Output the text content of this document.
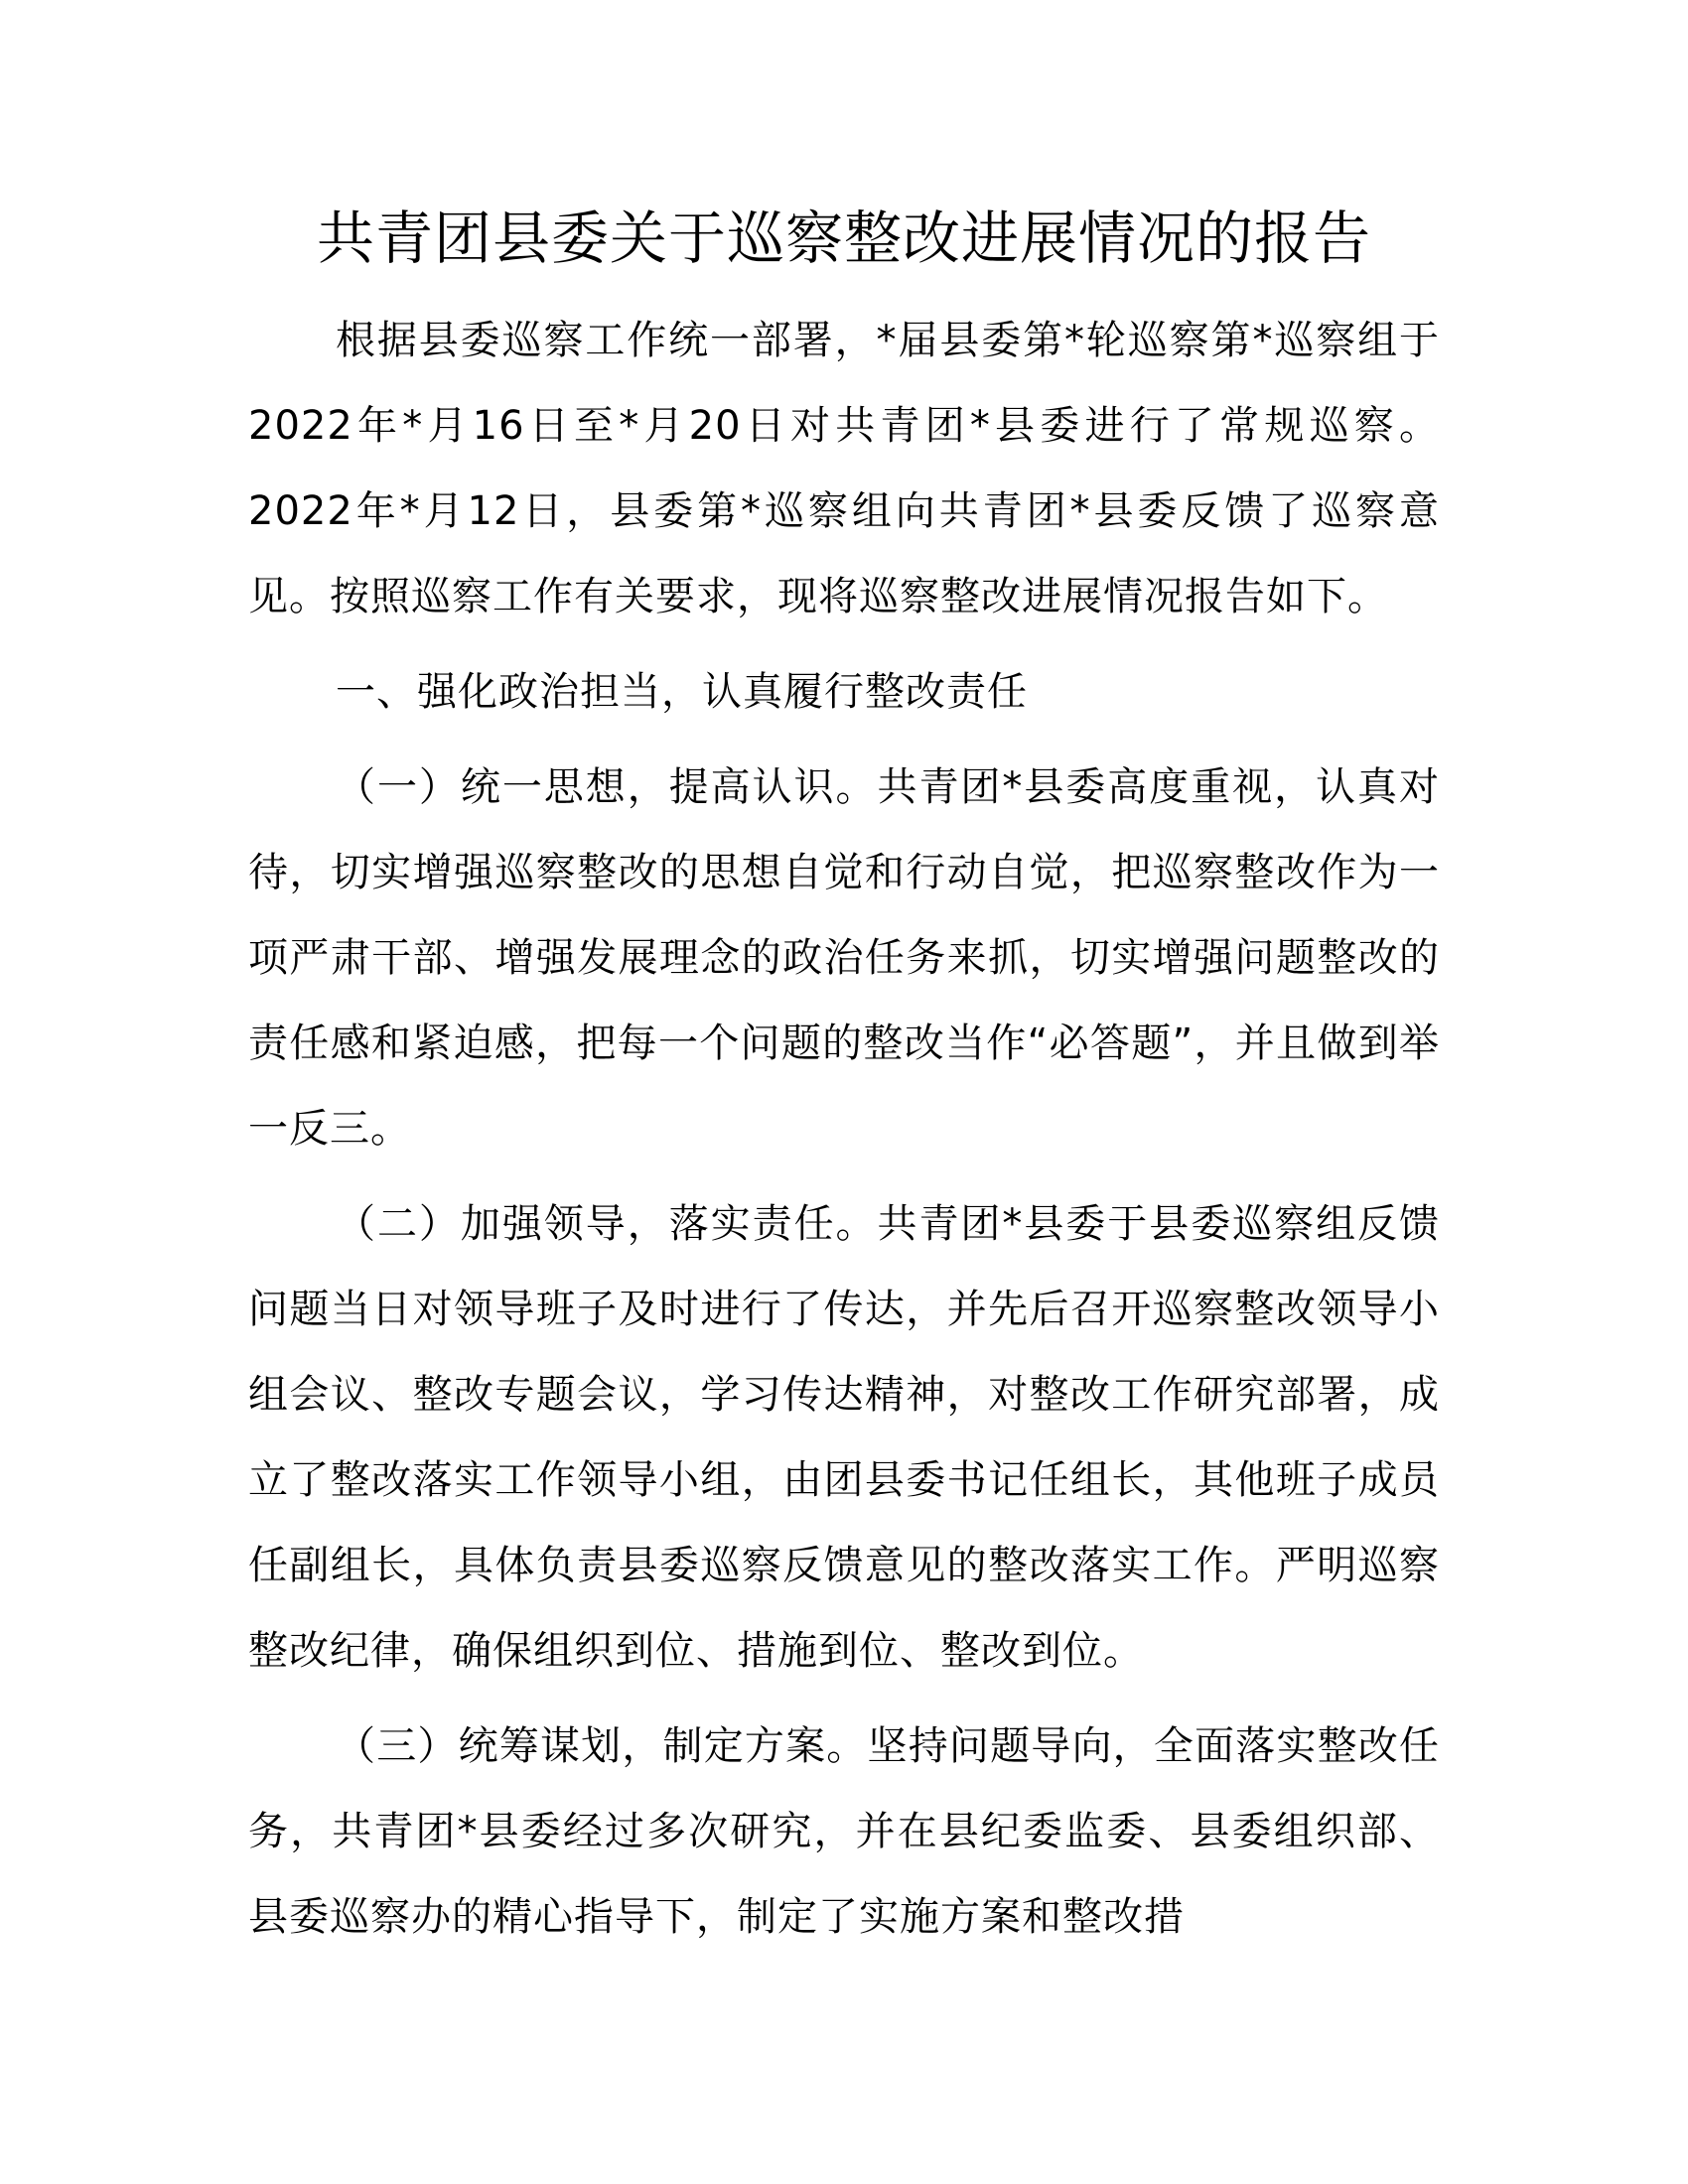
共青团县委关于巡察整改进展情况的报告

根据县委巡察工作统一部署，*届县委第*轮巡察第*巡察组于2022年*月16日至*月20日对共青团*县委进行了常规巡察。2022年*月12日，县委第*巡察组向共青团*县委反馈了巡察意见。按照巡察工作有关要求，现将巡察整改进展情况报告如下。

一、强化政治担当，认真履行整改责任

（一）统一思想，提高认识。共青团*县委高度重视，认真对待，切实增强巡察整改的思想自觉和行动自觉，把巡察整改作为一项严肃干部、增强发展理念的政治任务来抓，切实增强问题整改的责任感和紧迫感，把每一个问题的整改当作“必答题”，并且做到举一反三。

（二）加强领导，落实责任。共青团*县委于县委巡察组反馈问题当日对领导班子及时进行了传达，并先后召开巡察整改领导小组会议、整改专题会议，学习传达精神，对整改工作研究部署，成立了整改落实工作领导小组，由团县委书记任组长，其他班子成员任副组长，具体负责县委巡察反馈意见的整改落实工作。严明巡察整改纪律，确保组织到位、措施到位、整改到位。

（三）统筹谋划，制定方案。坚持问题导向，全面落实整改任务，共青团*县委经过多次研究，并在县纪委监委、县委组织部、县委巡察办的精心指导下，制定了实施方案和整改措
